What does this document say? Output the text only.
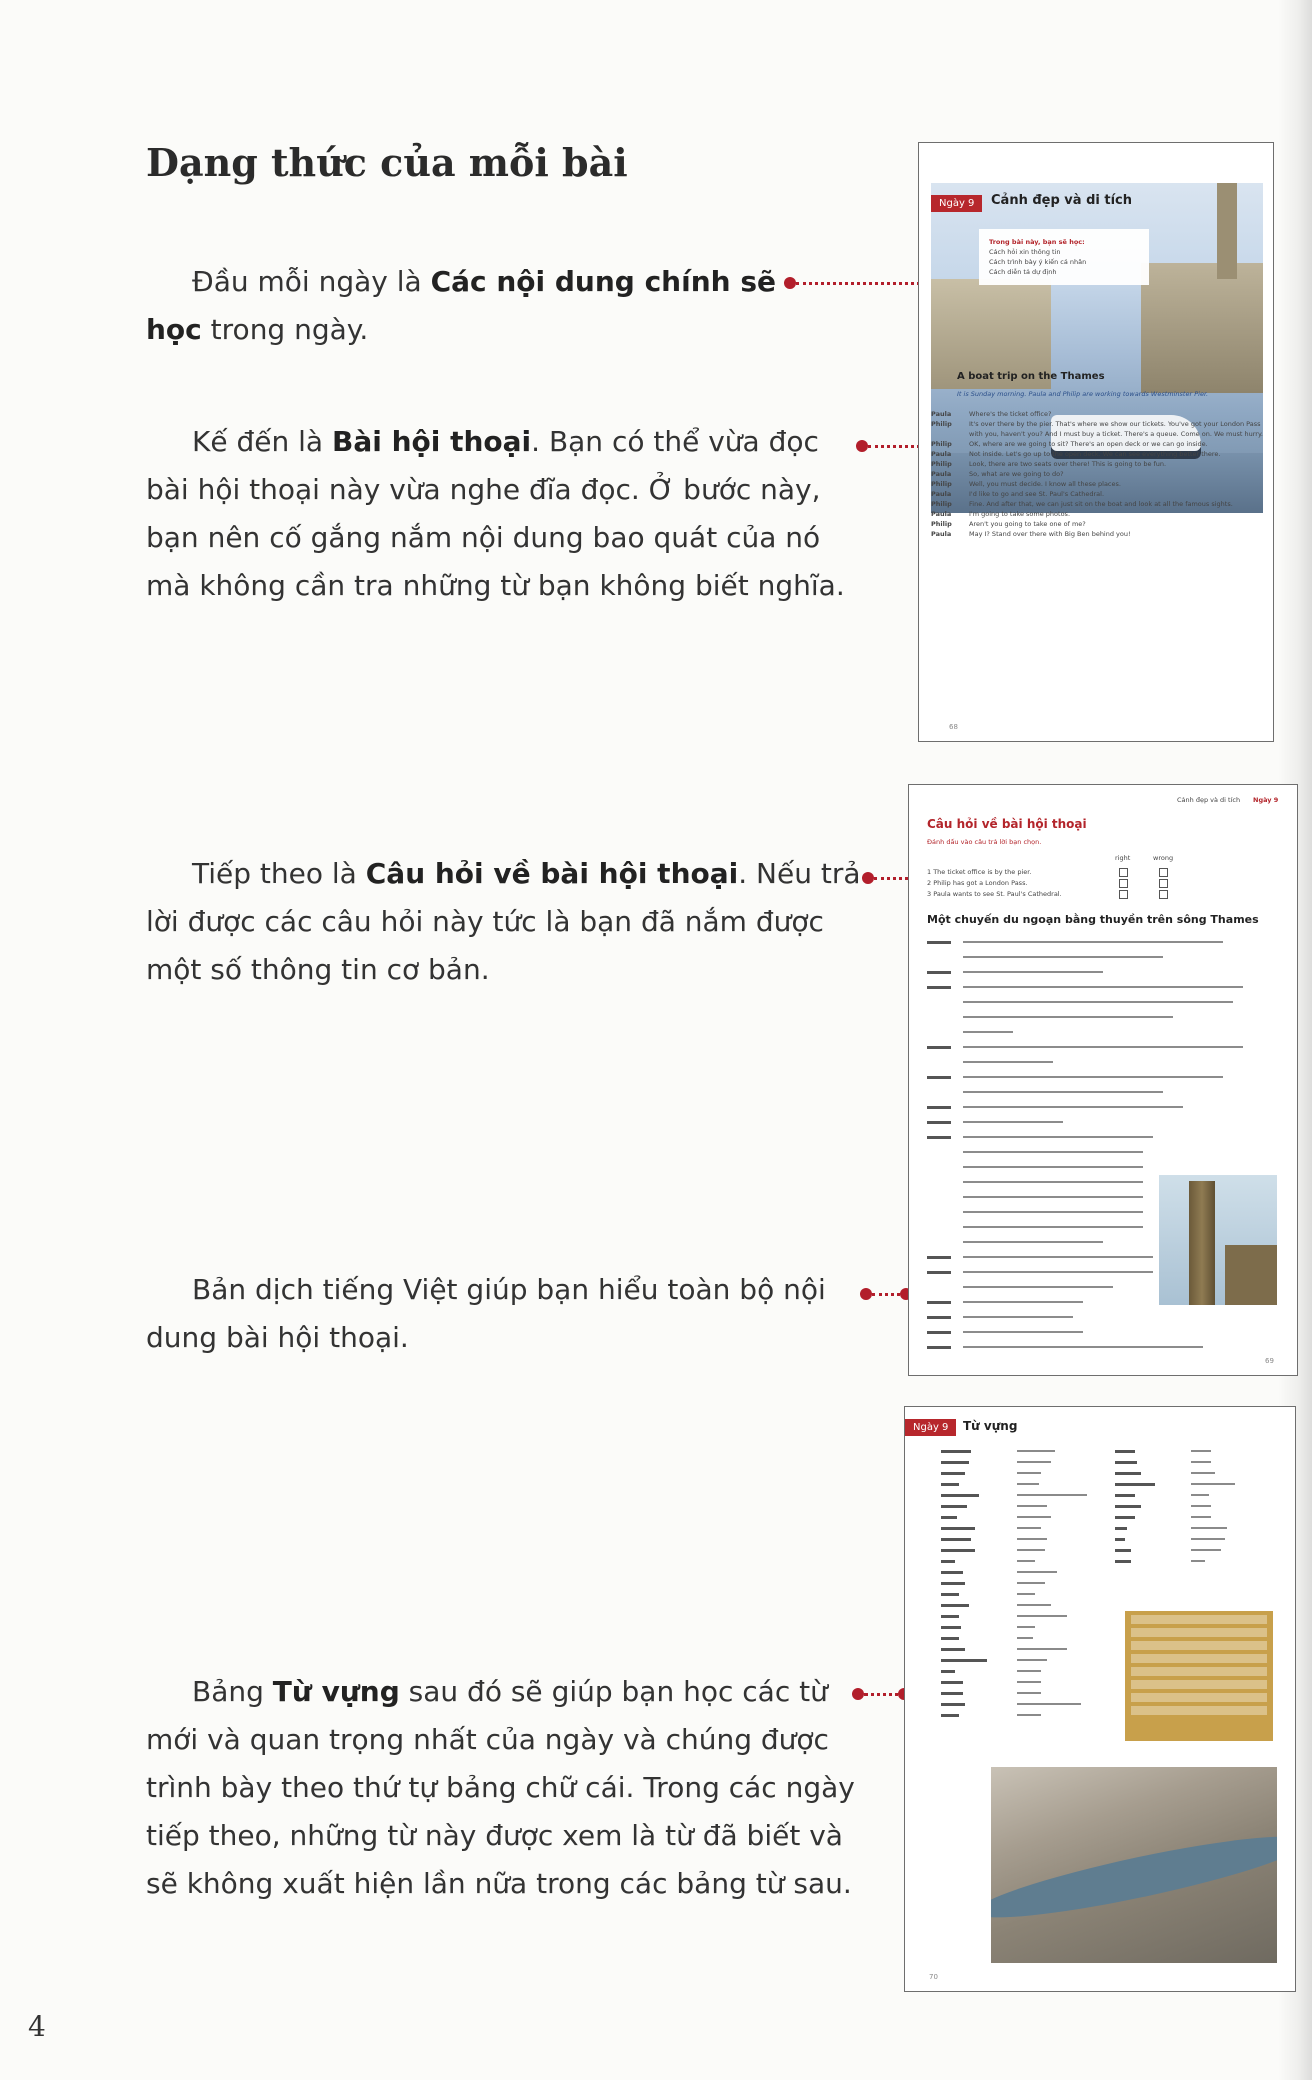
Dạng thức của mỗi bài

Đầu mỗi ngày là Các nội dung chính sẽ

học trong ngày.

Kế đến là Bài hội thoại. Bạn có thể vừa đọc

bài hội thoại này vừa nghe đĩa đọc. Ở bước này,

bạn nên cố gắng nắm nội dung bao quát của nó

mà không cần tra những từ bạn không biết nghĩa.

Tiếp theo là Câu hỏi về bài hội thoại. Nếu trả

lời được các câu hỏi này tức là bạn đã nắm được

một số thông tin cơ bản.

Bản dịch tiếng Việt giúp bạn hiểu toàn bộ nội

dung bài hội thoại.

Bảng Từ vựng sau đó sẽ giúp bạn học các từ

mới và quan trọng nhất của ngày và chúng được

trình bày theo thứ tự bảng chữ cái. Trong các ngày

tiếp theo, những từ này được xem là từ đã biết và

sẽ không xuất hiện lần nữa trong các bảng từ sau.

4
Ngày 9	Cảnh đẹp và di tích
Trong bài này, bạn sẽ học:
Cách hỏi xin thông tin
Cách trình bày ý kiến cá nhân
Cách diễn tả dự định
A boat trip on the Thames
It is Sunday morning. Paula and Philip are working towards Westminster Pier.
Paula	Where's the ticket office?
Philip	It's over there by the pier. That's where we show our tickets. You've got your London Pass with you, haven't you? And I must buy a ticket. There's a queue. Come on. We must hurry.
Philip	OK, where are we going to sit? There's an open deck or we can go inside.
Paula	Not inside. Let's go up to the open deck. We can see everything better there.
Philip	Look, there are two seats over there! This is going to be fun.
Paula	So, what are we going to do?
Philip	Well, you must decide. I know all these places.
Paula	I'd like to go and see St. Paul's Cathedral.
Philip	Fine. And after that, we can just sit on the boat and look at all the famous sights.
Paula	I'm going to take some photos.
Philip	Aren't you going to take one of me?
Paula	May I? Stand over there with Big Ben behind you!
68
Cảnh đẹp và di tích Ngày 9
Câu hỏi về bài hội thoại
Đánh dấu vào câu trả lời bạn chọn.
right	wrong
1 The ticket office is by the pier.
2 Philip has got a London Pass.
3 Paula wants to see St. Paul's Cathedral.
Một chuyến du ngoạn bằng thuyền trên sông Thames
69
Ngày 9	Từ vựng
70
